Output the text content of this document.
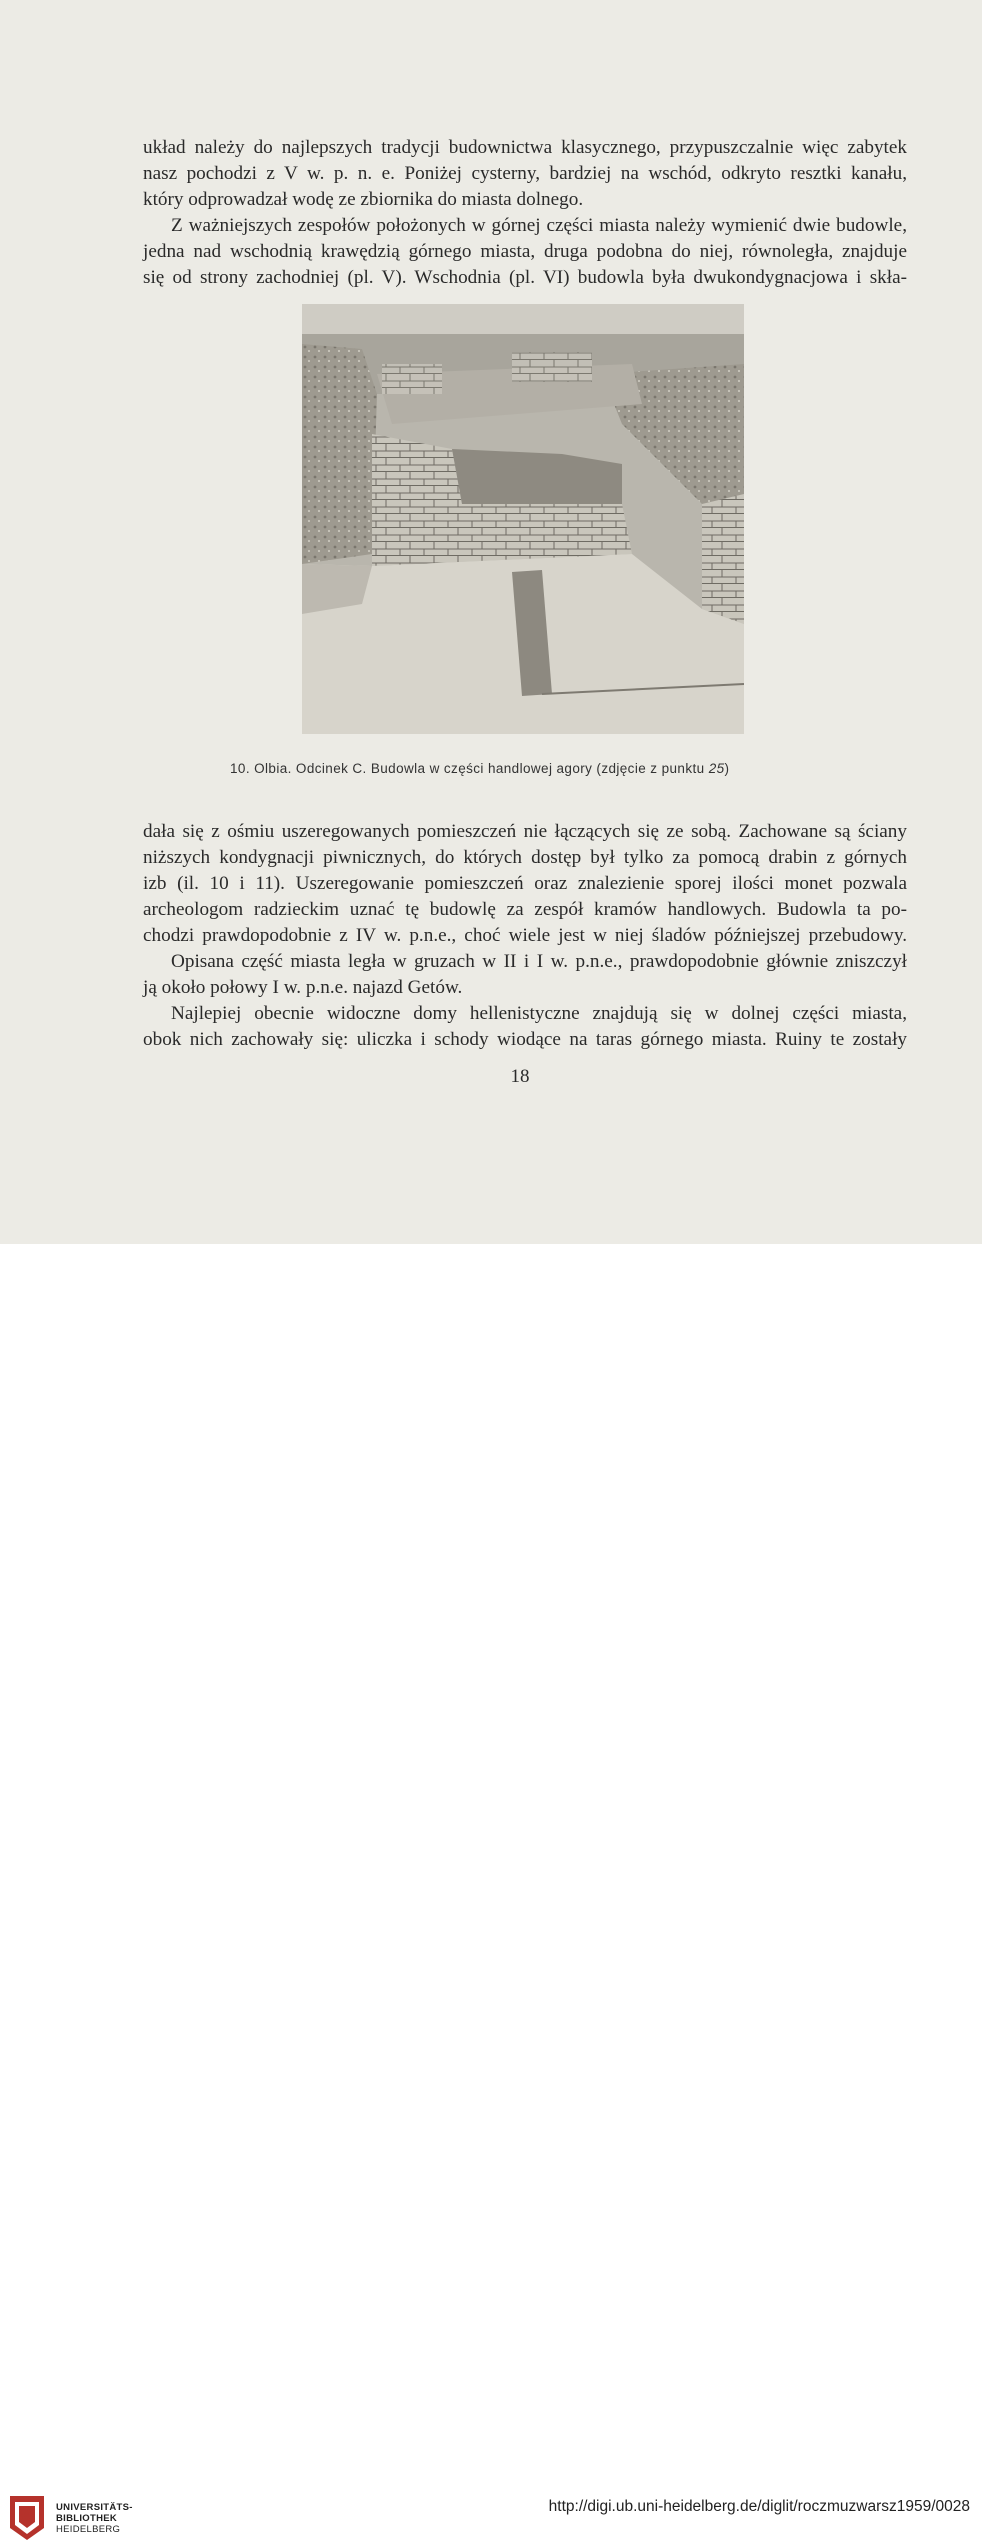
układ należy do najlepszych tradycji budownictwa klasycznego, przypuszczalnie więc zabytek
nasz pochodzi z V w. p. n. e. Poniżej cysterny, bardziej na wschód, odkryto resztki kanału,
który odprowadzał wodę ze zbiornika do miasta dolnego.

Z ważniejszych zespołów położonych w górnej części miasta należy wymienić dwie budowle,
jedna nad wschodnią krawędzią górnego miasta, druga podobna do niej, równoległa, znajduje
się od strony zachodniej (pl. V). Wschodnia (pl. VI) budowla była dwukondygnacjowa i skła-

10. Olbia. Odcinek C. Budowla w części handlowej agory (zdjęcie z punktu 25)

dała się z ośmiu uszeregowanych pomieszczeń nie łączących się ze sobą. Zachowane są ściany
niższych kondygnacji piwnicznych, do których dostęp był tylko za pomocą drabin z górnych
izb (il. 10 i 11). Uszeregowanie pomieszczeń oraz znalezienie sporej ilości monet pozwala
archeologom radzieckim uznać tę budowlę za zespół kramów handlowych. Budowla ta po-
chodzi prawdopodobnie z IV w. p.n.e., choć wiele jest w niej śladów późniejszej przebudowy.

Opisana część miasta legła w gruzach w II i I w. p.n.e., prawdopodobnie głównie zniszczył
ją około połowy I w. p.n.e. najazd Getów.

Najlepiej obecnie widoczne domy hellenistyczne znajdują się w dolnej części miasta,
obok nich zachowały się: uliczka i schody wiodące na taras górnego miasta. Ruiny te zostały

18
UNIVERSITÄTS-
BIBLIOTHEK
HEIDELBERG
http://digi.ub.uni-heidelberg.de/diglit/roczmuzwarsz1959/0028
